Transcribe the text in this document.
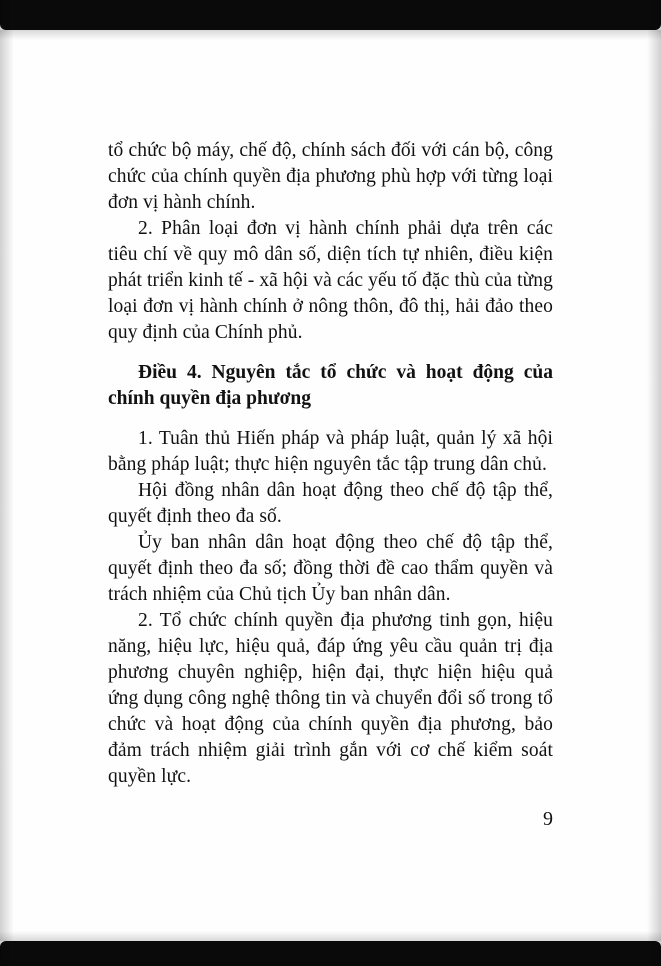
tổ chức bộ máy, chế độ, chính sách đối với cán bộ, công chức của chính quyền địa phương phù hợp với từng loại đơn vị hành chính.

2. Phân loại đơn vị hành chính phải dựa trên các tiêu chí về quy mô dân số, diện tích tự nhiên, điều kiện phát triển kinh tế - xã hội và các yếu tố đặc thù của từng loại đơn vị hành chính ở nông thôn, đô thị, hải đảo theo quy định của Chính phủ.

Điều 4. Nguyên tắc tổ chức và hoạt động của chính quyền địa phương

1. Tuân thủ Hiến pháp và pháp luật, quản lý xã hội bằng pháp luật; thực hiện nguyên tắc tập trung dân chủ.

Hội đồng nhân dân hoạt động theo chế độ tập thể, quyết định theo đa số.

Ủy ban nhân dân hoạt động theo chế độ tập thể, quyết định theo đa số; đồng thời đề cao thẩm quyền và trách nhiệm của Chủ tịch Ủy ban nhân dân.

2. Tổ chức chính quyền địa phương tinh gọn, hiệu năng, hiệu lực, hiệu quả, đáp ứng yêu cầu quản trị địa phương chuyên nghiệp, hiện đại, thực hiện hiệu quả ứng dụng công nghệ thông tin và chuyển đổi số trong tổ chức và hoạt động của chính quyền địa phương, bảo đảm trách nhiệm giải trình gắn với cơ chế kiểm soát quyền lực.

9
